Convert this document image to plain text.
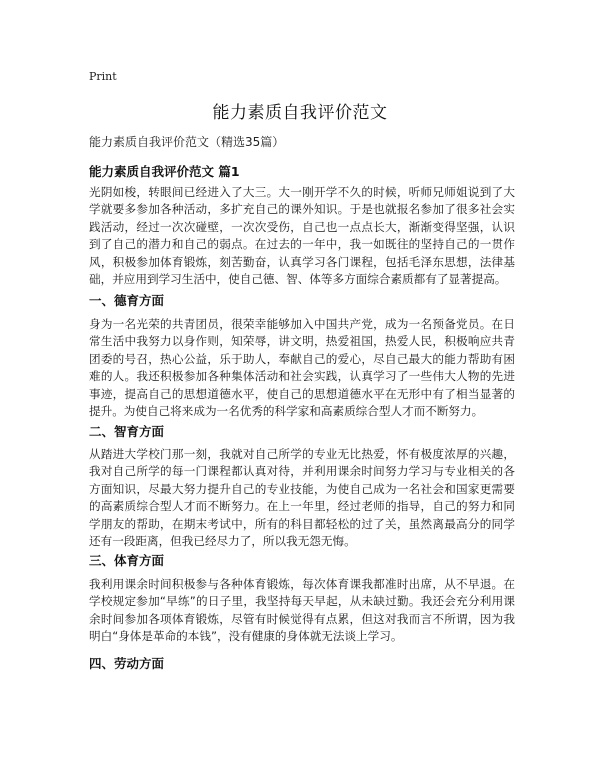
Print
能力素质自我评价范文
能力素质自我评价范文（精选35篇）
能力素质自我评价范文 篇1
光阴如梭，转眼间已经进入了大三。大一刚开学不久的时候，听师兄师姐说到了大学就要多参加各种活动，多扩充自己的课外知识。于是也就报名参加了很多社会实践活动，经过一次次碰壁，一次次受伤，自己也一点点长大，渐渐变得坚强，认识到了自己的潜力和自己的弱点。在过去的一年中，我一如既往的坚持自己的一贯作风，积极参加体育锻炼，刻苦勤奋，认真学习各门课程，包括毛泽东思想，法律基础，并应用到学习生活中，使自己德、智、体等多方面综合素质都有了显著提高。
一、德育方面
身为一名光荣的共青团员，很荣幸能够加入中国共产党，成为一名预备党员。在日常生活中我努力以身作则，知荣辱，讲文明，热爱祖国，热爱人民，积极响应共青团委的号召，热心公益，乐于助人，奉献自己的爱心，尽自己最大的能力帮助有困难的人。我还积极参加各种集体活动和社会实践，认真学习了一些伟大人物的先进事迹，提高自己的思想道德水平，使自己的思想道德水平在无形中有了相当显著的提升。为使自己将来成为一名优秀的科学家和高素质综合型人才而不断努力。
二、智育方面
从踏进大学校门那一刻，我就对自己所学的专业无比热爱，怀有极度浓厚的兴趣，我对自己所学的每一门课程都认真对待，并利用课余时间努力学习与专业相关的各方面知识，尽最大努力提升自己的专业技能，为使自己成为一名社会和国家更需要的高素质综合型人才而不断努力。在上一年里，经过老师的指导，自己的努力和同学朋友的帮助，在期末考试中，所有的科目都轻松的过了关，虽然离最高分的同学还有一段距离，但我已经尽力了，所以我无怨无悔。
三、体育方面
我利用课余时间积极参与各种体育锻炼，每次体育课我都准时出席，从不早退。在学校规定参加“早练”的日子里，我坚持每天早起，从未缺过勤。我还会充分利用课余时间参加各项体育锻炼，尽管有时候觉得有点累，但这对我而言不所谓，因为我明白“身体是革命的本钱”，没有健康的身体就无法谈上学习。
四、劳动方面
